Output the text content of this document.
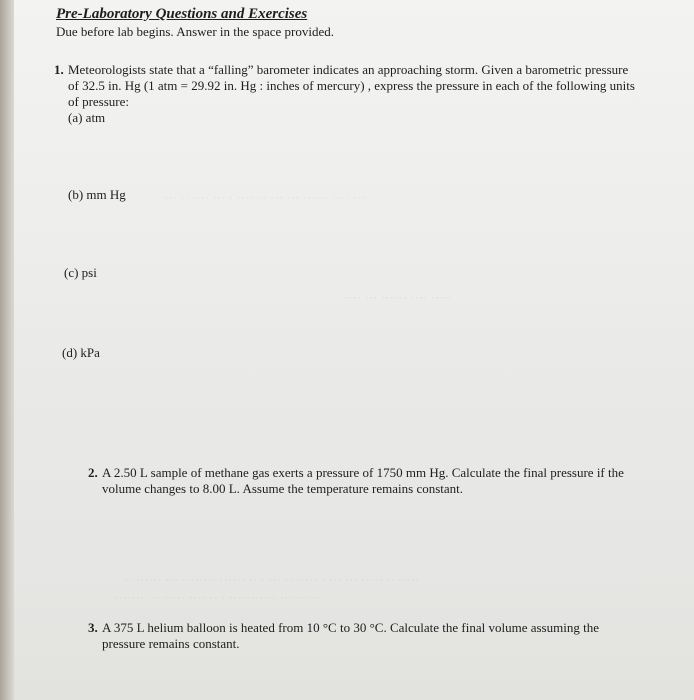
··· ·· ···· ··· · ······· ··· ··· ······ ···· ···
···· ··· ······ ···· ·····
·· ······ ··· ········ ······ ·· · ··· ·· ····· · ··· ··· ····· ·· ·····
········ ·· ····· ···· ·· · ··········· ·· ···· ··
Pre-Laboratory Questions and Exercises
Due before lab begins. Answer in the space provided.
1. Meteorologists state that a “falling” barometer indicates an approaching storm. Given a barometric pressure
of 32.5 in. Hg (1 atm = 29.92 in. Hg : inches of mercury) , express the pressure in each of the following units
of pressure:
(a) atm
(b) mm Hg
(c) psi
(d) kPa
2. A 2.50 L sample of methane gas exerts a pressure of 1750 mm Hg. Calculate the final pressure if the
volume changes to 8.00 L. Assume the temperature remains constant.
3. A 375 L helium balloon is heated from 10 °C to 30 °C. Calculate the final volume assuming the
pressure remains constant.
